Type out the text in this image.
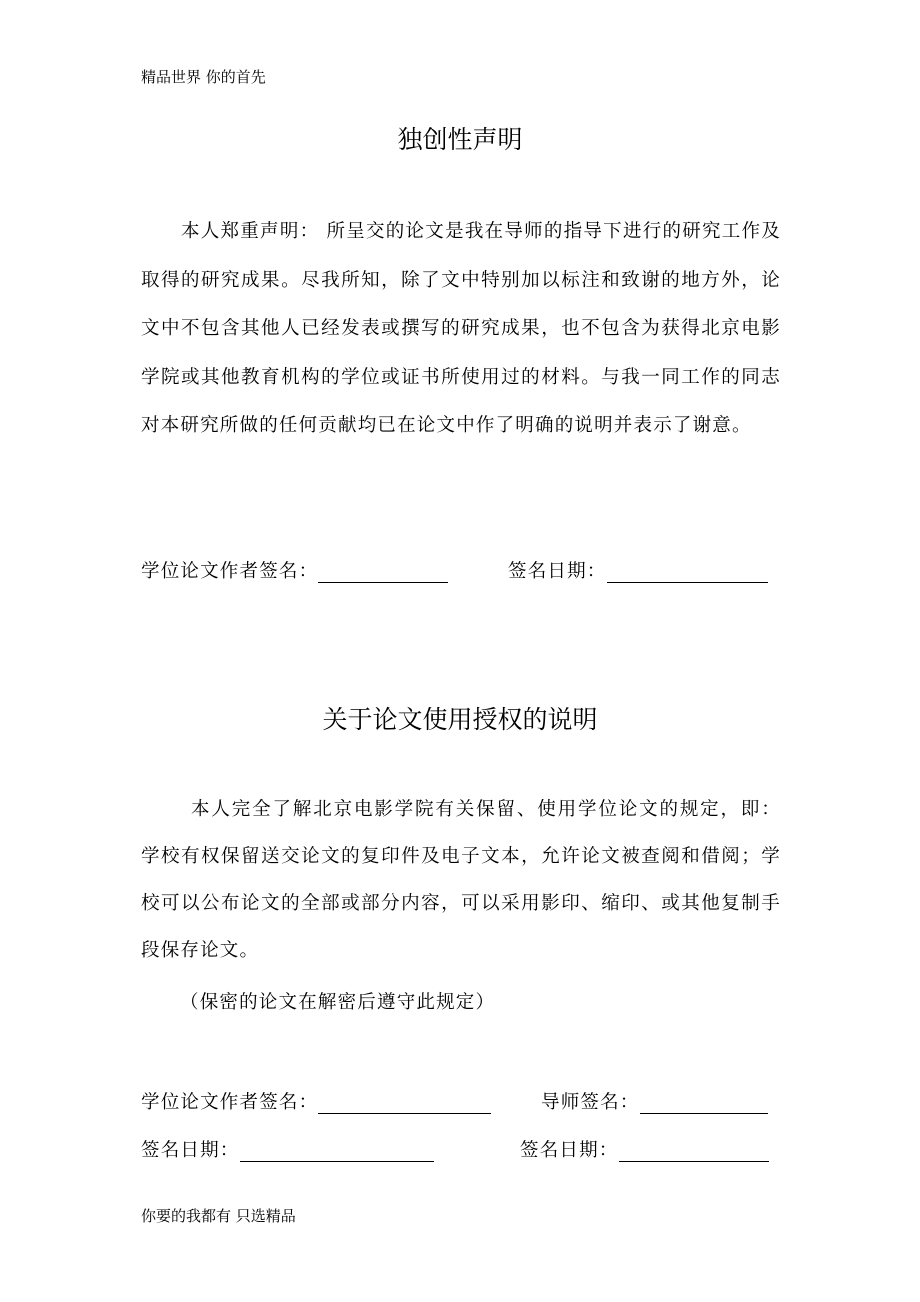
精品世界 你的首先
独创性声明
本人郑重声明： 所呈交的论文是我在导师的指导下进行的研究工作及取得的研究成果。尽我所知，除了文中特别加以标注和致谢的地方外，论文中不包含其他人已经发表或撰写的研究成果，也不包含为获得北京电影学院或其他教育机构的学位或证书所使用过的材料。与我一同工作的同志对本研究所做的任何贡献均已在论文中作了明确的说明并表示了谢意。
学位论文作者签名：	签名日期：
关于论文使用授权的说明
本人完全了解北京电影学院有关保留、使用学位论文的规定，即：学校有权保留送交论文的复印件及电子文本，允许论文被查阅和借阅；学校可以公布论文的全部或部分内容，可以采用影印、缩印、或其他复制手段保存论文。
（保密的论文在解密后遵守此规定）
学位论文作者签名：	导师签名：
签名日期：	签名日期：
你要的我都有 只选精品
